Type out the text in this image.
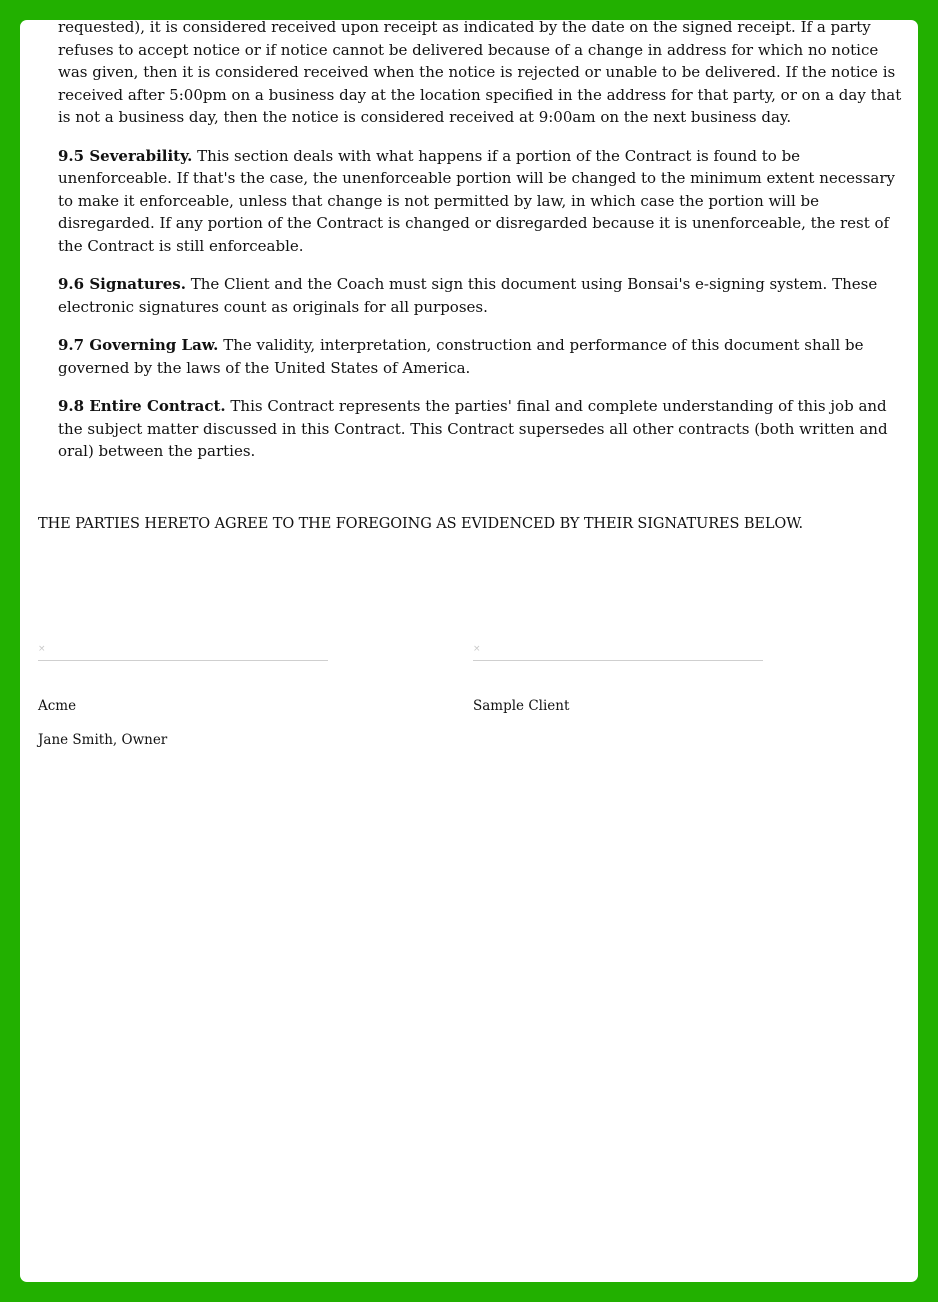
requested), it is considered received upon receipt as indicated by the date on the signed receipt. If a party refuses to accept notice or if notice cannot be delivered because of a change in address for which no notice was given, then it is considered received when the notice is rejected or unable to be delivered. If the notice is received after 5:00pm on a business day at the location specified in the address for that party, or on a day that is not a business day, then the notice is considered received at 9:00am on the next business day.

9.5 Severability. This section deals with what happens if a portion of the Contract is found to be unenforceable. If that's the case, the unenforceable portion will be changed to the minimum extent necessary to make it enforceable, unless that change is not permitted by law, in which case the portion will be disregarded. If any portion of the Contract is changed or disregarded because it is unenforceable, the rest of the Contract is still enforceable.

9.6 Signatures. The Client and the Coach must sign this document using Bonsai's e-signing system. These electronic signatures count as originals for all purposes.

9.7 Governing Law. The validity, interpretation, construction and performance of this document shall be governed by the laws of the United States of America.

9.8 Entire Contract. This Contract represents the parties' final and complete understanding of this job and the subject matter discussed in this Contract. This Contract supersedes all other contracts (both written and oral) between the parties.

THE PARTIES HERETO AGREE TO THE FOREGOING AS EVIDENCED BY THEIR SIGNATURES BELOW.
×
Acme
Jane Smith, Owner
×
Sample Client
